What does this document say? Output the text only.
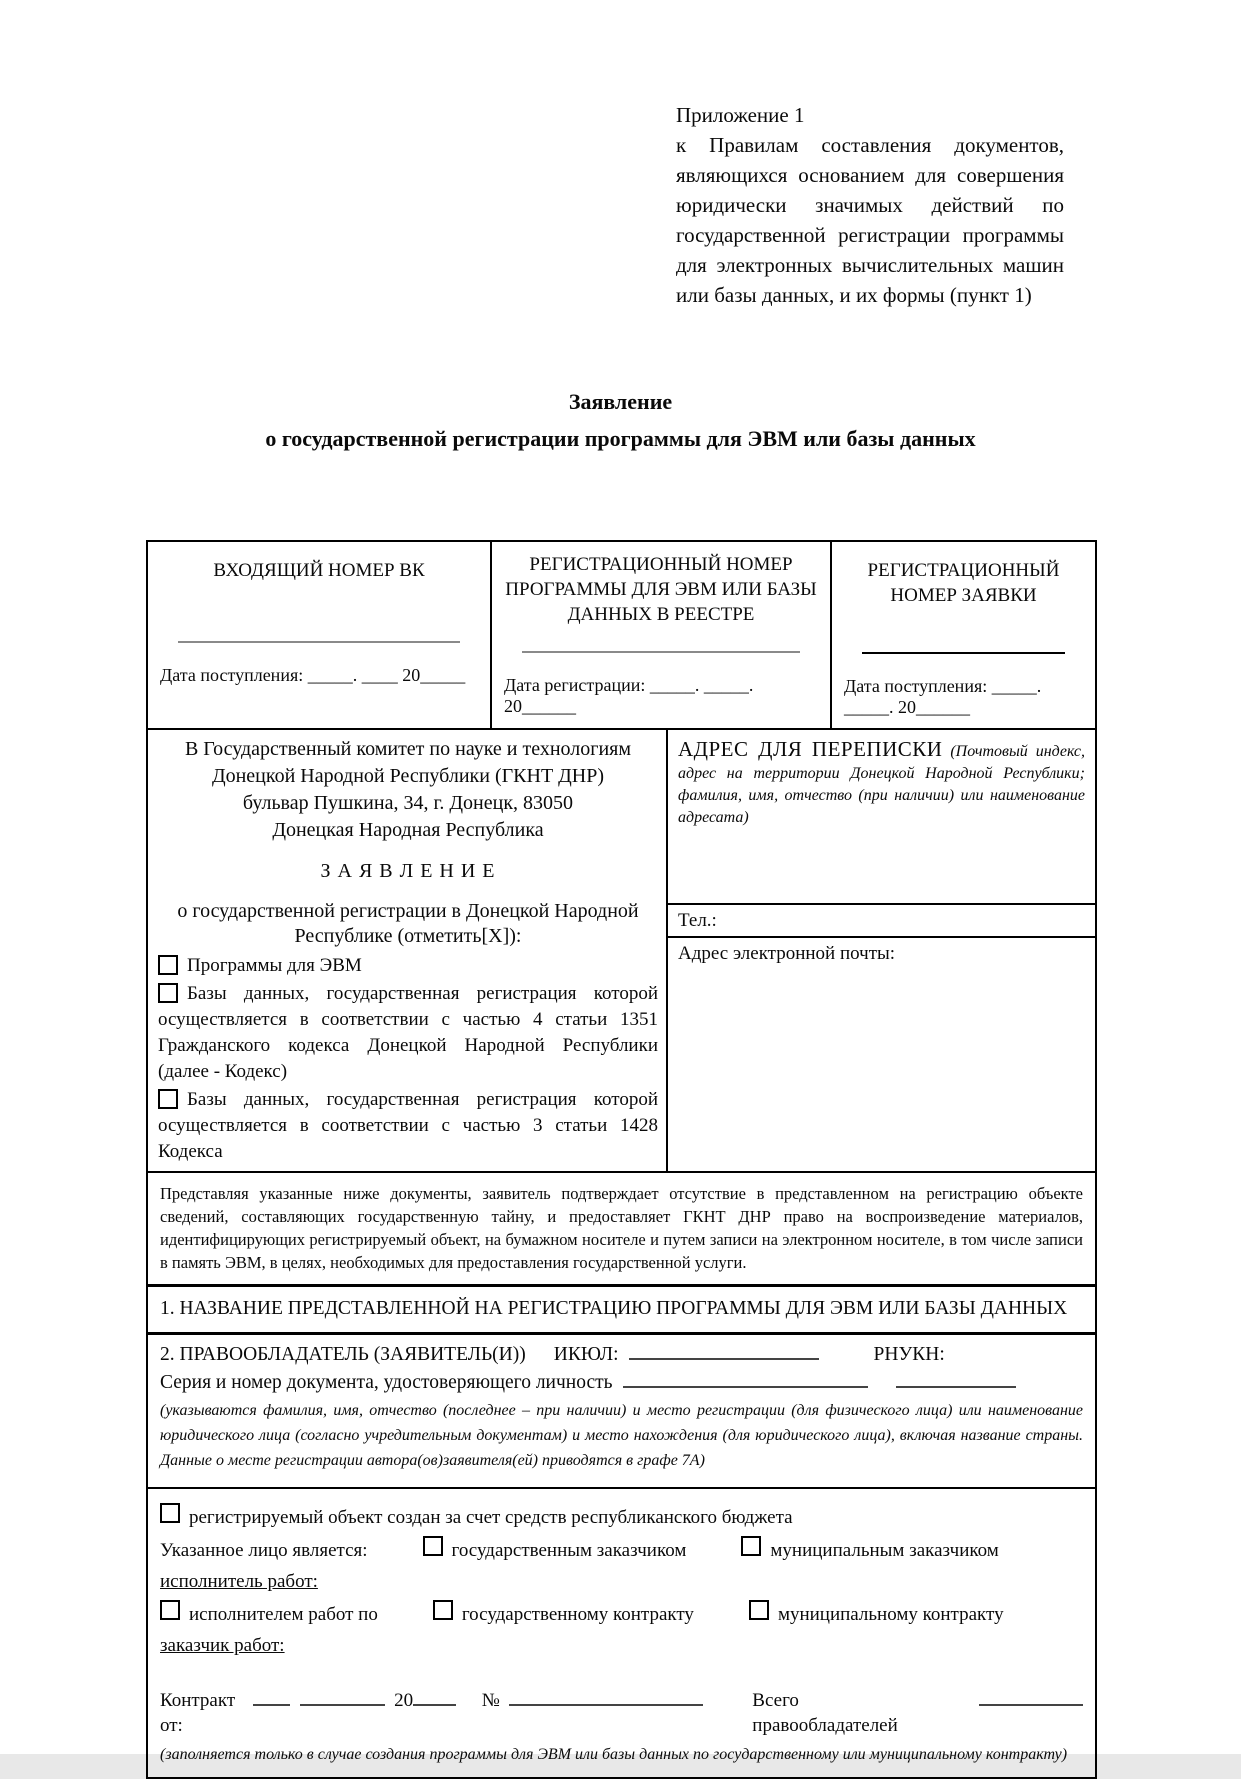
Приложение 1
к Правилам составления документов, являющихся основанием для совершения юридически значимых действий по государственной регистрации программы для электронных вычислительных машин или базы данных, и их формы (пункт 1)
Заявление
о государственной регистрации программы для ЭВМ или базы данных
ВХОДЯЩИЙ НОМЕР ВК
Дата поступления: _____. ____ 20_____
РЕГИСТРАЦИОННЫЙ НОМЕР ПРОГРАММЫ ДЛЯ ЭВМ ИЛИ БАЗЫ ДАННЫХ В РЕЕСТРЕ
Дата регистрации: _____. _____. 20______
РЕГИСТРАЦИОННЫЙ НОМЕР ЗАЯВКИ
Дата поступления: _____. _____. 20______
В Государственный комитет по науке и технологиям
Донецкой Народной Республики (ГКНТ ДНР)
бульвар Пушкина, 34, г. Донецк, 83050
Донецкая Народная Республика
З А Я В Л Е Н И Е
о государственной регистрации в Донецкой Народной Республике (отметить[X]):
Программы для ЭВМ
Базы данных, государственная регистрация которой осуществляется в соответствии с частью 4 статьи 1351 Гражданского кодекса Донецкой Народной Республики (далее - Кодекс)
Базы данных, государственная регистрация которой осуществляется в соответствии с частью 3 статьи 1428 Кодекса
АДРЕС ДЛЯ ПЕРЕПИСКИ (Почтовый индекс, адрес на территории Донецкой Народной Республики; фамилия, имя, отчество (при наличии) или наименование адресата)
Тел.:
Адрес электронной почты:
Представляя указанные ниже документы, заявитель подтверждает отсутствие в представленном на регистрацию объекте сведений, составляющих государственную тайну, и предоставляет ГКНТ ДНР право на воспроизведение материалов, идентифицирующих регистрируемый объект, на бумажном носителе и путем записи на электронном носителе, в том числе записи в память ЭВМ, в целях, необходимых для предоставления государственной услуги.
1. НАЗВАНИЕ ПРЕДСТАВЛЕННОЙ НА РЕГИСТРАЦИЮ ПРОГРАММЫ ДЛЯ ЭВМ ИЛИ БАЗЫ ДАННЫХ
2. ПРАВООБЛАДАТЕЛЬ (ЗАЯВИТЕЛЬ(И)) ИКЮЛ:	РНУКН:
Серия и номер документа, удостоверяющего личность
(указываются фамилия, имя, отчество (последнее – при наличии) и место регистрации (для физического лица) или наименование юридического лица (согласно учредительным документам) и место нахождения (для юридического лица), включая название страны. Данные о месте регистрации автора(ов)заявителя(ей) приводятся в графе 7А)
регистрируемый объект создан за счет средств республиканского бюджета
Указанное лицо является:	государственным заказчиком	муниципальным заказчиком
исполнитель работ:
исполнителем работ по	государственному контракту	муниципальному контракту
заказчик работ:
Контракт от:
20	№	Всего правообладателей
(заполняется только в случае создания программы для ЭВМ или базы данных по государственному или муниципальному контракту)
